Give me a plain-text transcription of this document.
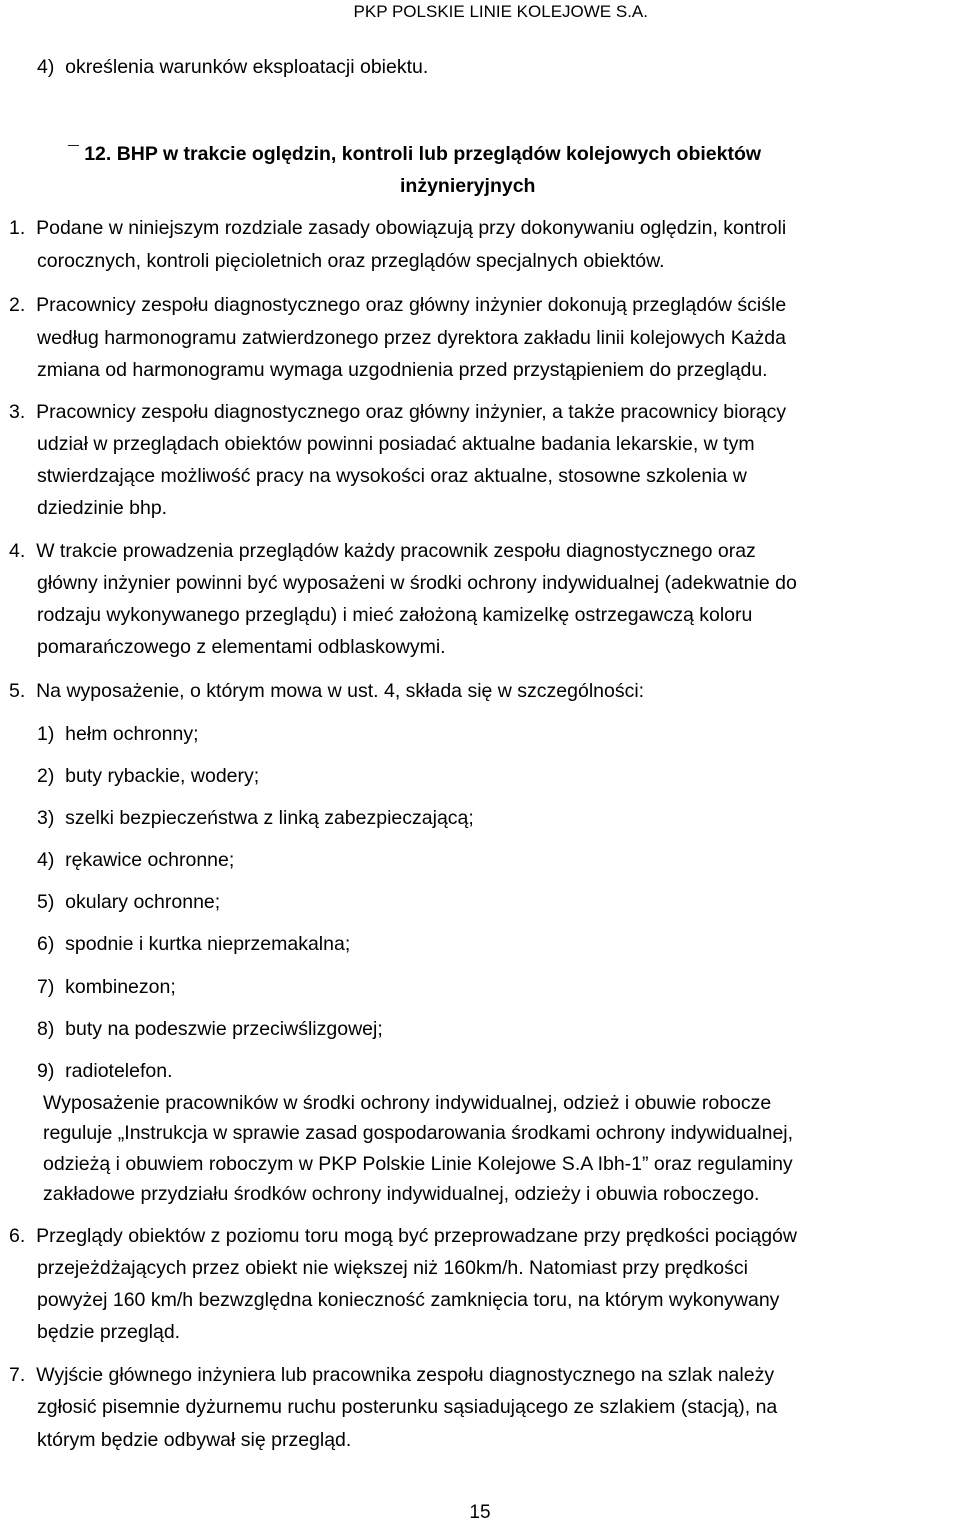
PKP POLSKIE LINIE KOLEJOWE S.A.
4)  określenia warunków eksploatacji obiektu.
¯ 12. BHP w trakcie oględzin, kontroli lub przeglądów kolejowych obiektów
inżynieryjnych
1.  Podane w niniejszym rozdziale zasady obowiązują przy dokonywaniu oględzin, kontroli
corocznych, kontroli pięcioletnich oraz przeglądów specjalnych obiektów.
2.  Pracownicy zespołu diagnostycznego oraz główny inżynier dokonują przeglądów ściśle
według harmonogramu zatwierdzonego przez dyrektora zakładu linii kolejowych Każda
zmiana od harmonogramu wymaga uzgodnienia przed przystąpieniem do przeglądu.
3.  Pracownicy zespołu diagnostycznego oraz główny inżynier, a także pracownicy biorący
udział w przeglądach obiektów powinni posiadać aktualne badania lekarskie, w tym
stwierdzające możliwość pracy na wysokości oraz aktualne, stosowne szkolenia w
dziedzinie bhp.
4.  W trakcie prowadzenia przeglądów każdy pracownik zespołu diagnostycznego oraz
główny inżynier powinni być wyposażeni w środki ochrony indywidualnej (adekwatnie do
rodzaju wykonywanego przeglądu) i mieć założoną kamizelkę ostrzegawczą koloru
pomarańczowego z elementami odblaskowymi.
5.  Na wyposażenie, o którym mowa w ust. 4, składa się w szczególności:
1)  hełm ochronny;
2)  buty rybackie, wodery;
3)  szelki bezpieczeństwa z linką zabezpieczającą;
4)  rękawice ochronne;
5)  okulary ochronne;
6)  spodnie i kurtka nieprzemakalna;
7)  kombinezon;
8)  buty na podeszwie przeciwślizgowej;
9)  radiotelefon.
Wyposażenie pracowników w środki ochrony indywidualnej, odzież i obuwie robocze
reguluje „Instrukcja w sprawie zasad gospodarowania środkami ochrony indywidualnej,
odzieżą i obuwiem roboczym w PKP Polskie Linie Kolejowe S.A Ibh-1” oraz regulaminy
zakładowe przydziału środków ochrony indywidualnej, odzieży i obuwia roboczego.
6.  Przeglądy obiektów z poziomu toru mogą być przeprowadzane przy prędkości pociągów
przejeżdżających przez obiekt nie większej niż 160km/h. Natomiast przy prędkości
powyżej 160 km/h bezwzględna konieczność zamknięcia toru, na którym wykonywany
będzie przegląd.
7.  Wyjście głównego inżyniera lub pracownika zespołu diagnostycznego na szlak należy
zgłosić pisemnie dyżurnemu ruchu posterunku sąsiadującego ze szlakiem (stacją), na
którym będzie odbywał się przegląd.
15
